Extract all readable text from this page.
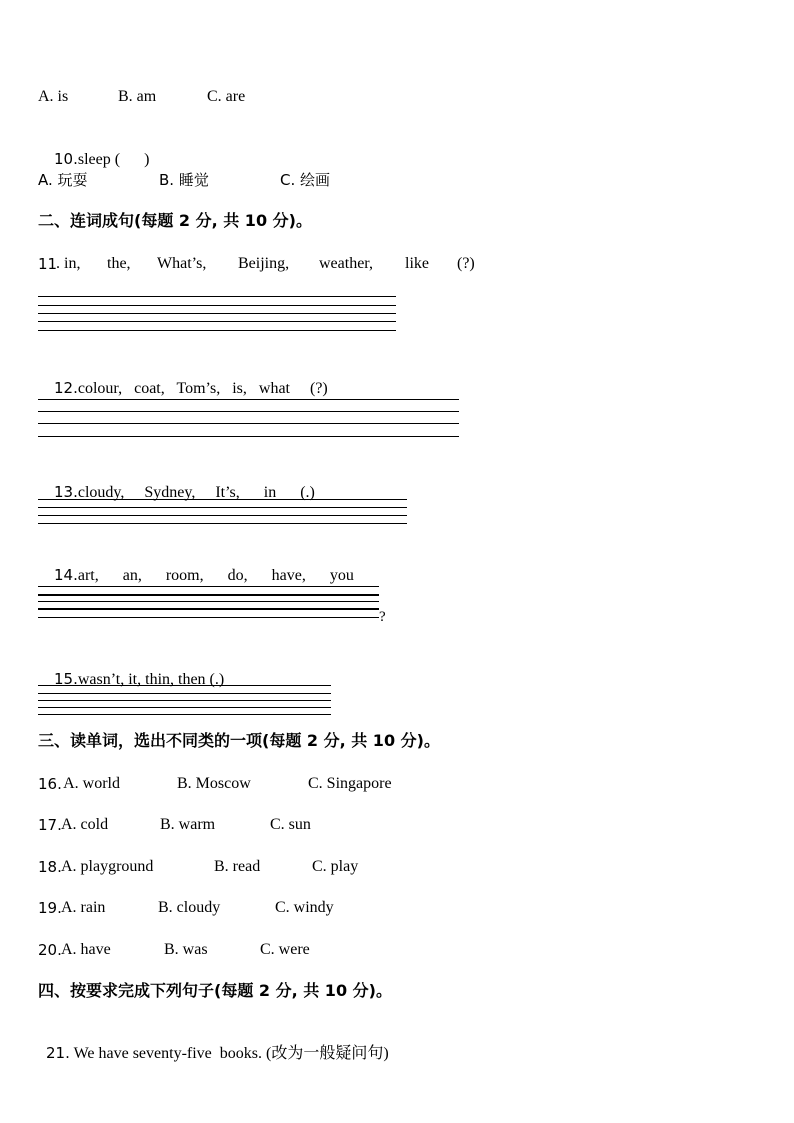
A. is	B. am	C. are

10.sleep (      )

A. 玩耍	B. 睡觉	C. 绘画
二、连词成句(每题 2 分, 共 10 分)。
11
. in, the, What’s, Beijing, weather, like (?)

12.colour,   coat,   Tom’s,   is,   what     (?)

13.cloudy,     Sydney,     It’s,      in      (.)

14.art,      an,      room,      do,      have,      you

?

15.wasn’t, it, thin, then (.)

三、读单词，选出不同类的一项(每题 2 分, 共 10 分)。
16.
A. world	B. Moscow	C. Singapore
17. A. cold	B. warm	C. sun
18. A. playground	B. read	C. play
19. A. rain	B. cloudy	C. windy
20. A. have	B. was	C. were
四、按要求完成下列句子(每题 2 分, 共 10 分)。

21. We have seventy-five  books. (改为一般疑问句)
